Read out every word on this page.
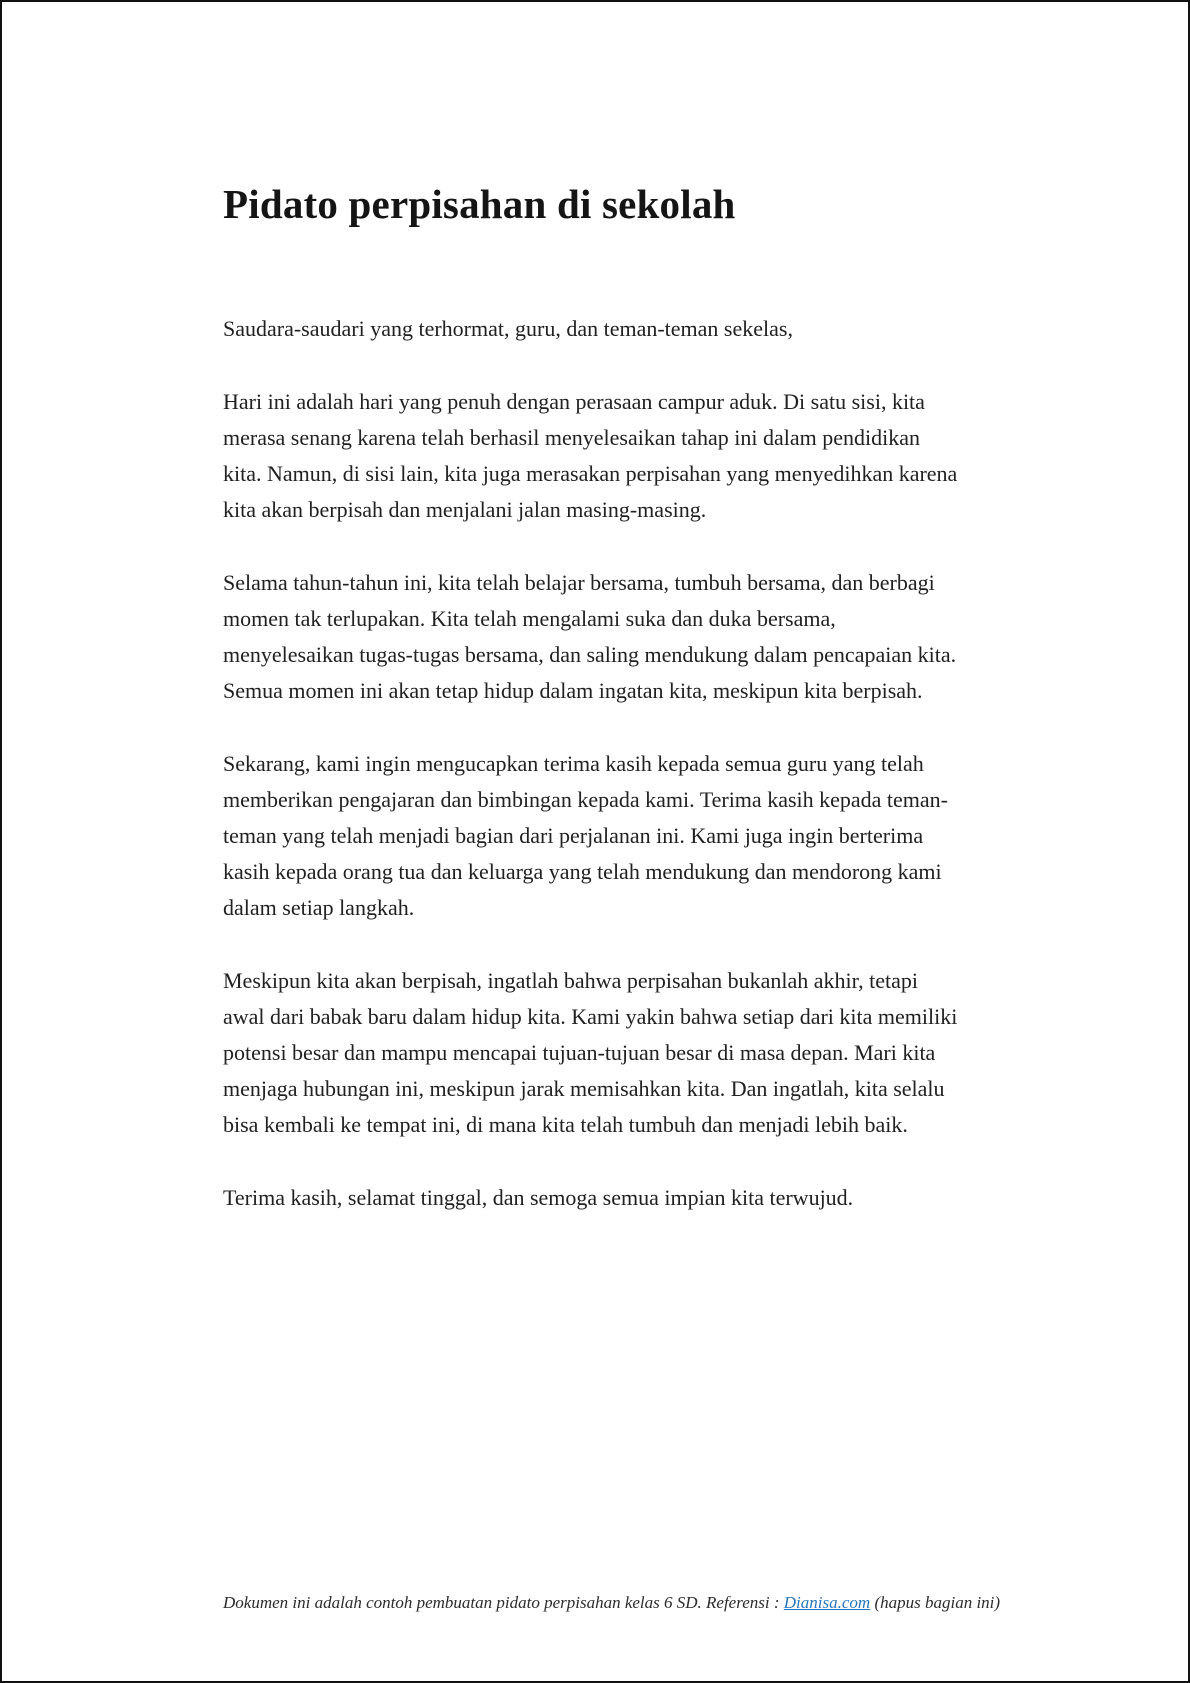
Pidato perpisahan di sekolah

Saudara-saudari yang terhormat, guru, dan teman-teman sekelas,

Hari ini adalah hari yang penuh dengan perasaan campur aduk. Di satu sisi, kita merasa senang karena telah berhasil menyelesaikan tahap ini dalam pendidikan kita. Namun, di sisi lain, kita juga merasakan perpisahan yang menyedihkan karena kita akan berpisah dan menjalani jalan masing-masing.

Selama tahun-tahun ini, kita telah belajar bersama, tumbuh bersama, dan berbagi momen tak terlupakan. Kita telah mengalami suka dan duka bersama, menyelesaikan tugas-tugas bersama, dan saling mendukung dalam pencapaian kita. Semua momen ini akan tetap hidup dalam ingatan kita, meskipun kita berpisah.

Sekarang, kami ingin mengucapkan terima kasih kepada semua guru yang telah memberikan pengajaran dan bimbingan kepada kami. Terima kasih kepada teman-teman yang telah menjadi bagian dari perjalanan ini. Kami juga ingin berterima kasih kepada orang tua dan keluarga yang telah mendukung dan mendorong kami dalam setiap langkah.

Meskipun kita akan berpisah, ingatlah bahwa perpisahan bukanlah akhir, tetapi awal dari babak baru dalam hidup kita. Kami yakin bahwa setiap dari kita memiliki potensi besar dan mampu mencapai tujuan-tujuan besar di masa depan. Mari kita menjaga hubungan ini, meskipun jarak memisahkan kita. Dan ingatlah, kita selalu bisa kembali ke tempat ini, di mana kita telah tumbuh dan menjadi lebih baik.

Terima kasih, selamat tinggal, dan semoga semua impian kita terwujud.

Dokumen ini adalah contoh pembuatan pidato perpisahan kelas 6 SD. Referensi : Dianisa.com (hapus bagian ini)
